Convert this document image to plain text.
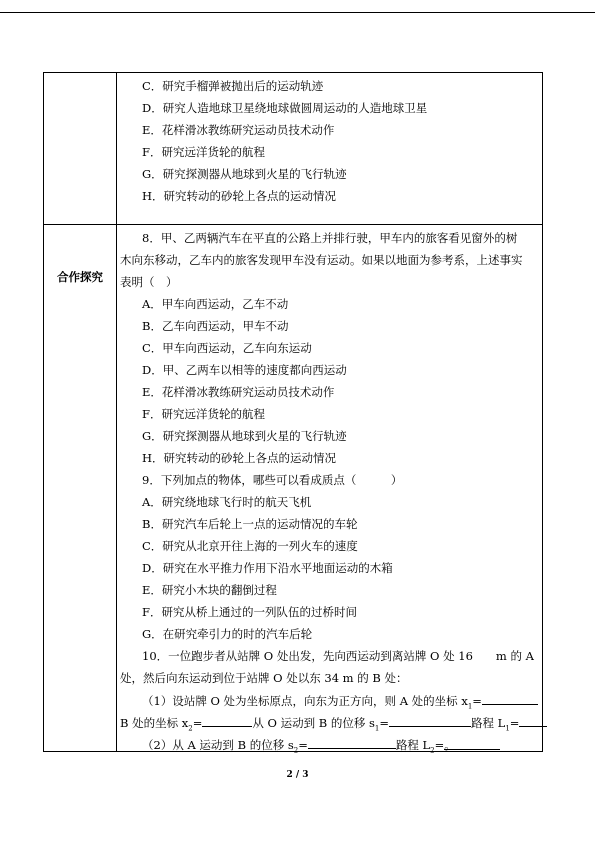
合作探究
C．研究手榴弹被抛出后的运动轨迹
D．研究人造地球卫星绕地球做圆周运动的人造地球卫星
E．花样滑冰教练研究运动员技术动作
F．研究远洋货轮的航程
G．研究探测器从地球到火星的飞行轨迹
H．研究转动的砂轮上各点的运动情况
8．甲、乙两辆汽车在平直的公路上并排行驶，甲车内的旅客看见窗外的树
木向东移动，乙车内的旅客发现甲车没有运动。如果以地面为参考系，上述事实
表明（　）
A．甲车向西运动，乙车不动
B．乙车向西运动，甲车不动
C．甲车向西运动，乙车向东运动
D．甲、乙两车以相等的速度都向西运动
E．花样滑冰教练研究运动员技术动作
F．研究远洋货轮的航程
G．研究探测器从地球到火星的飞行轨迹
H．研究转动的砂轮上各点的运动情况
9．下列加点的物体，哪些可以看成质点（　　　）
A．研究绕地球飞行时的航天飞机
B．研究汽车后轮上一点的运动情况的车轮
C．研究从北京开往上海的一列火车的速度
D．研究在水平推力作用下沿水平地面运动的木箱
E．研究小木块的翻倒过程
F．研究从桥上通过的一列队伍的过桥时间
G．在研究牵引力的时的汽车后轮
10．一位跑步者从站牌 O 处出发，先向西运动到离站牌 O 处 16　　m 的 A
处，然后向东运动到位于站牌 O 处以东 34 m 的 B 处：
（1）设站牌 O 处为坐标原点，向东为正方向，则 A 处的坐标 $x_1=$
B 处的坐标 $x_2=$	从 O 运动到 B 的位移 $s_1=$	路程 $L_1=$
（2）从 A 运动到 B 的位移 $s_2=$	路程 $L_2=$。
2 / 3
